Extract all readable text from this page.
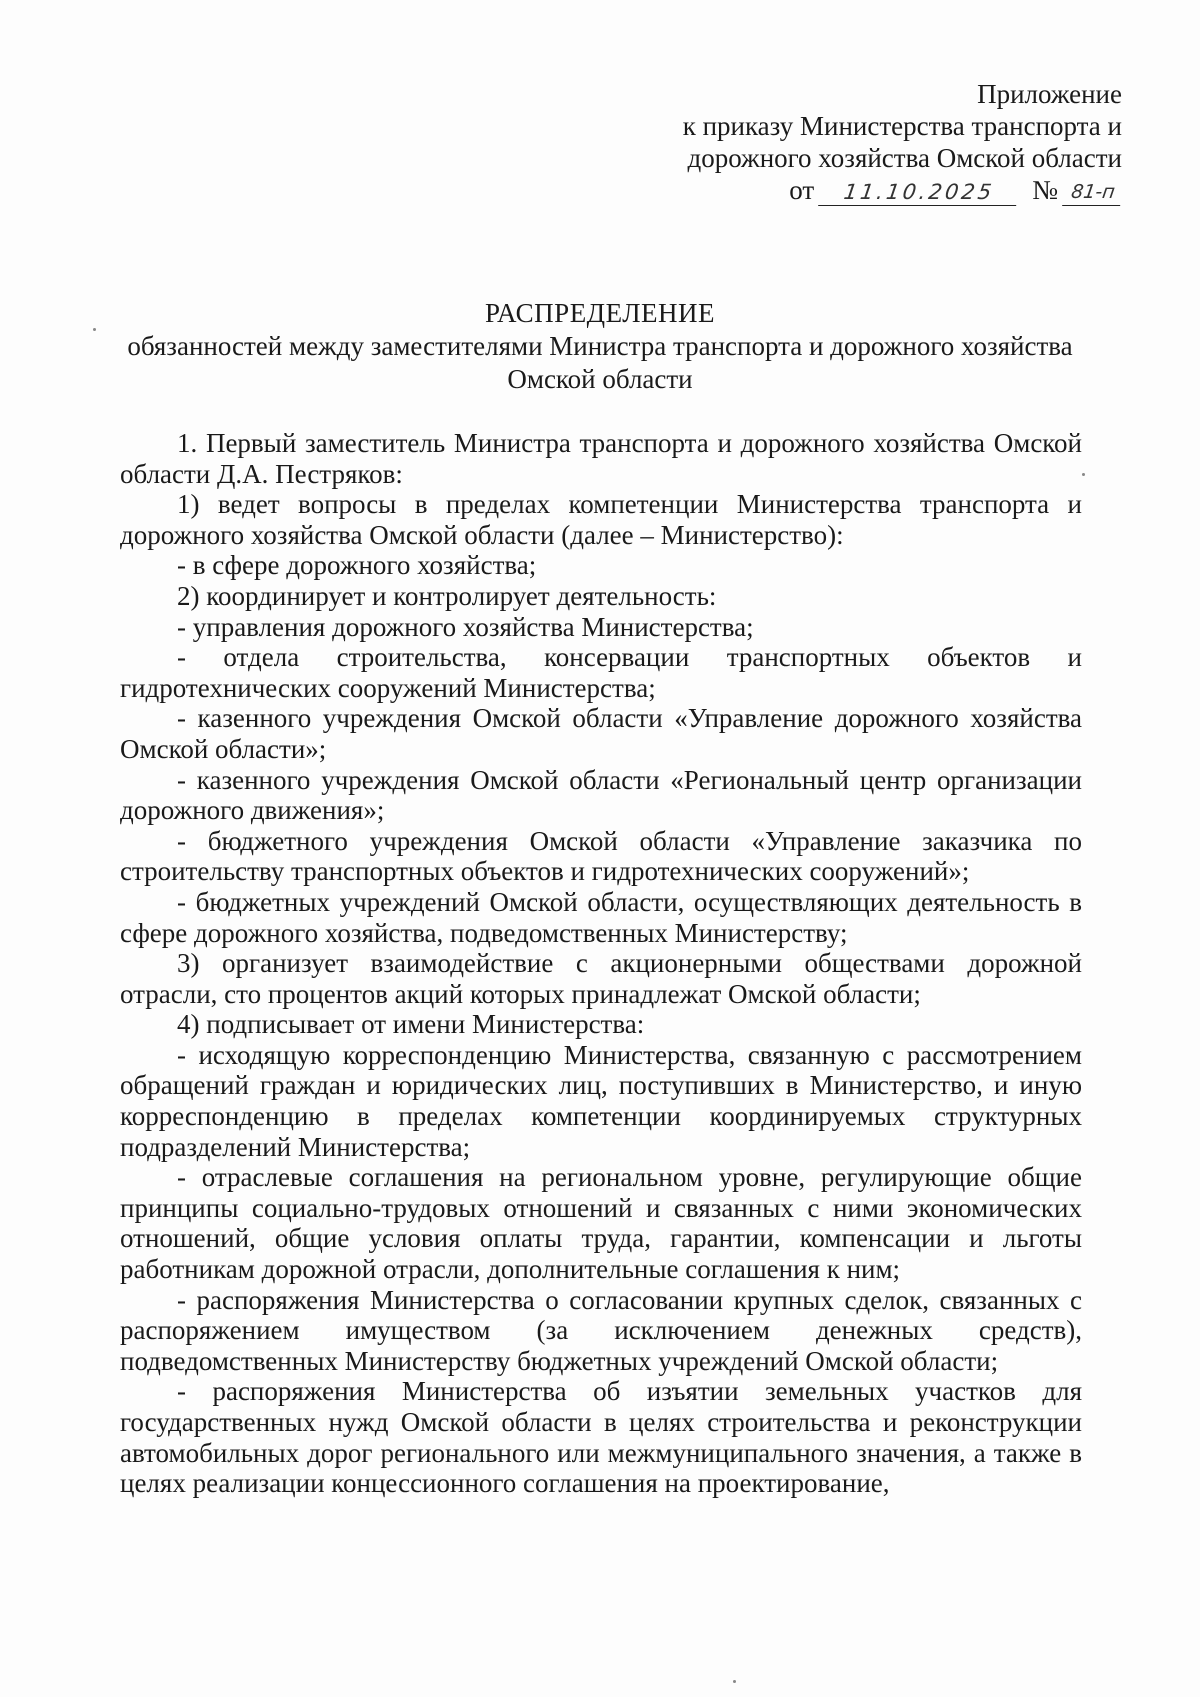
Приложение
к приказу Министерства транспорта и
дорожного хозяйства Омской области
от	11.10.2025	№ 81-п
РАСПРЕДЕЛЕНИЕ
обязанностей между заместителями Министра транспорта и дорожного хозяйства
Омской области

1. Первый заместитель Министра транспорта и дорожного хозяйства Омской области Д.А. Пестряков:

1) ведет вопросы в пределах компетенции Министерства транспорта и дорожного хозяйства Омской области (далее – Министерство):

- в сфере дорожного хозяйства;

2) координирует и контролирует деятельность:

- управления дорожного хозяйства Министерства;

- отдела строительства, консервации транспортных объектов и гидротехнических сооружений Министерства;

- казенного учреждения Омской области «Управление дорожного хозяйства Омской области»;

- казенного учреждения Омской области «Региональный центр организации дорожного движения»;

- бюджетного учреждения Омской области «Управление заказчика по строительству транспортных объектов и гидротехнических сооружений»;

- бюджетных учреждений Омской области, осуществляющих деятельность в сфере дорожного хозяйства, подведомственных Министерству;

3) организует взаимодействие с акционерными обществами дорожной отрасли, сто процентов акций которых принадлежат Омской области;

4) подписывает от имени Министерства:

- исходящую корреспонденцию Министерства, связанную с рассмотрением обращений граждан и юридических лиц, поступивших в Министерство, и иную корреспонденцию в пределах компетенции координируемых структурных подразделений Министерства;

- отраслевые соглашения на региональном уровне, регулирующие общие принципы социально-трудовых отношений и связанных с ними экономических отношений, общие условия оплаты труда, гарантии, компенсации и льготы работникам дорожной отрасли, дополнительные соглашения к ним;

- распоряжения Министерства о согласовании крупных сделок, связанных с распоряжением имуществом (за исключением денежных средств), подведомственных Министерству бюджетных учреждений Омской области;

- распоряжения Министерства об изъятии земельных участков для государственных нужд Омской области в целях строительства и реконструкции автомобильных дорог регионального или межмуниципального значения, а также в целях реализации концессионного соглашения на проектирование,
